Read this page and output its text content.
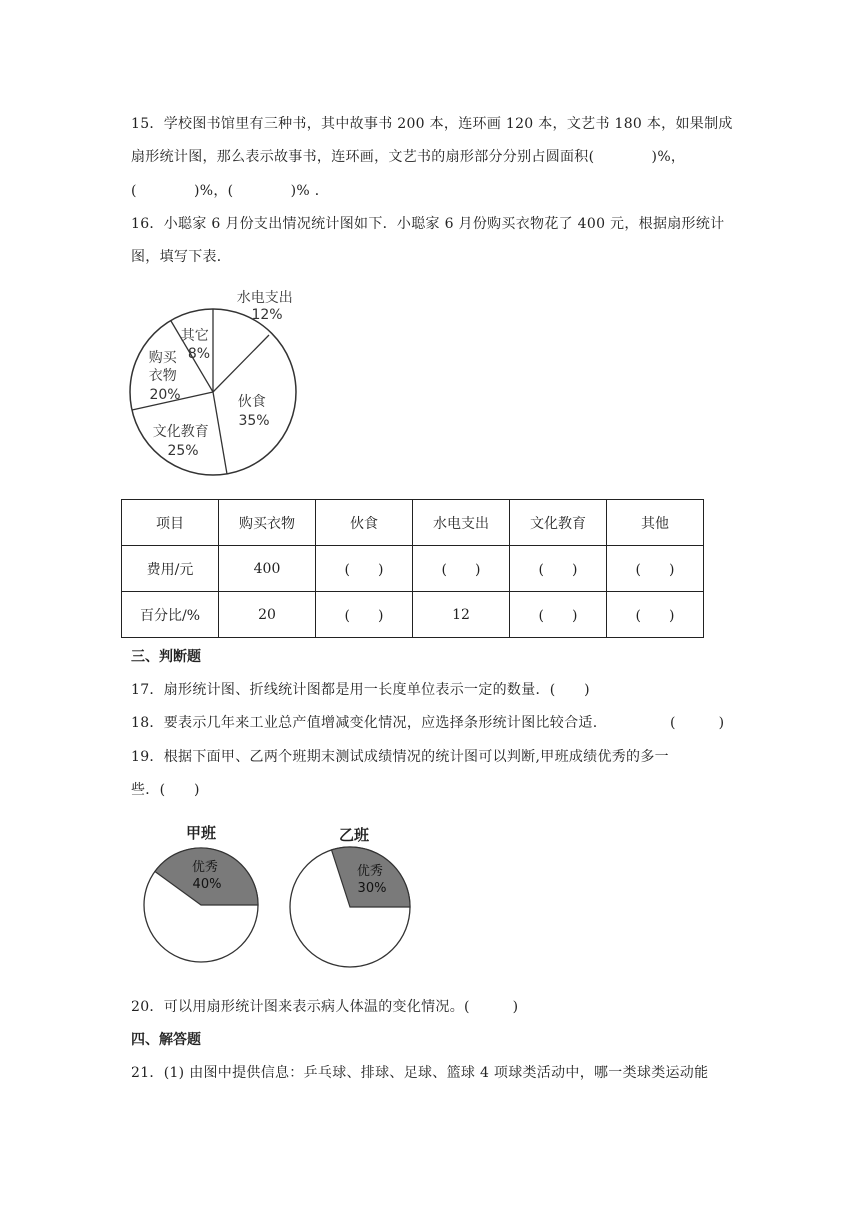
15．学校图书馆里有三种书，其中故事书 200 本，连环画 120 本，文艺书 180 本，如果制成
扇形统计图，那么表示故事书，连环画，文艺书的扇形部分分别占圆面积(　　　　)%，
(　　　　)%，(　　　　)% ．
16．小聪家 6 月份支出情况统计图如下．小聪家 6 月份购买衣物花了 400 元，根据扇形统计
图，填写下表．
水电支出 12%
伙食 35%
文化教育 25%
购买 衣物 20%
其它 8%
项目	购买衣物	伙食	水电支出	文化教育	其他
费用/元	400	(　　)	(　　)	(　　)	(　　)
百分比/%	20	(　　)	12	(　　)	(　　)
三、判断题
17．扇形统计图、折线统计图都是用一长度单位表示一定的数量．(　　)
18．要表示几年来工业总产值增减变化情况，应选择条形统计图比较合适.	(　　　)
19．根据下面甲、乙两个班期末测试成绩情况的统计图可以判断,甲班成绩优秀的多一
些．(　　)
甲班
优秀 40%
乙班
优秀 30%
20．可以用扇形统计图来表示病人体温的变化情况。(　　　)
四、解答题
21．(1) 由图中提供信息：乒乓球、排球、足球、篮球 4 项球类活动中，哪一类球类运动能
